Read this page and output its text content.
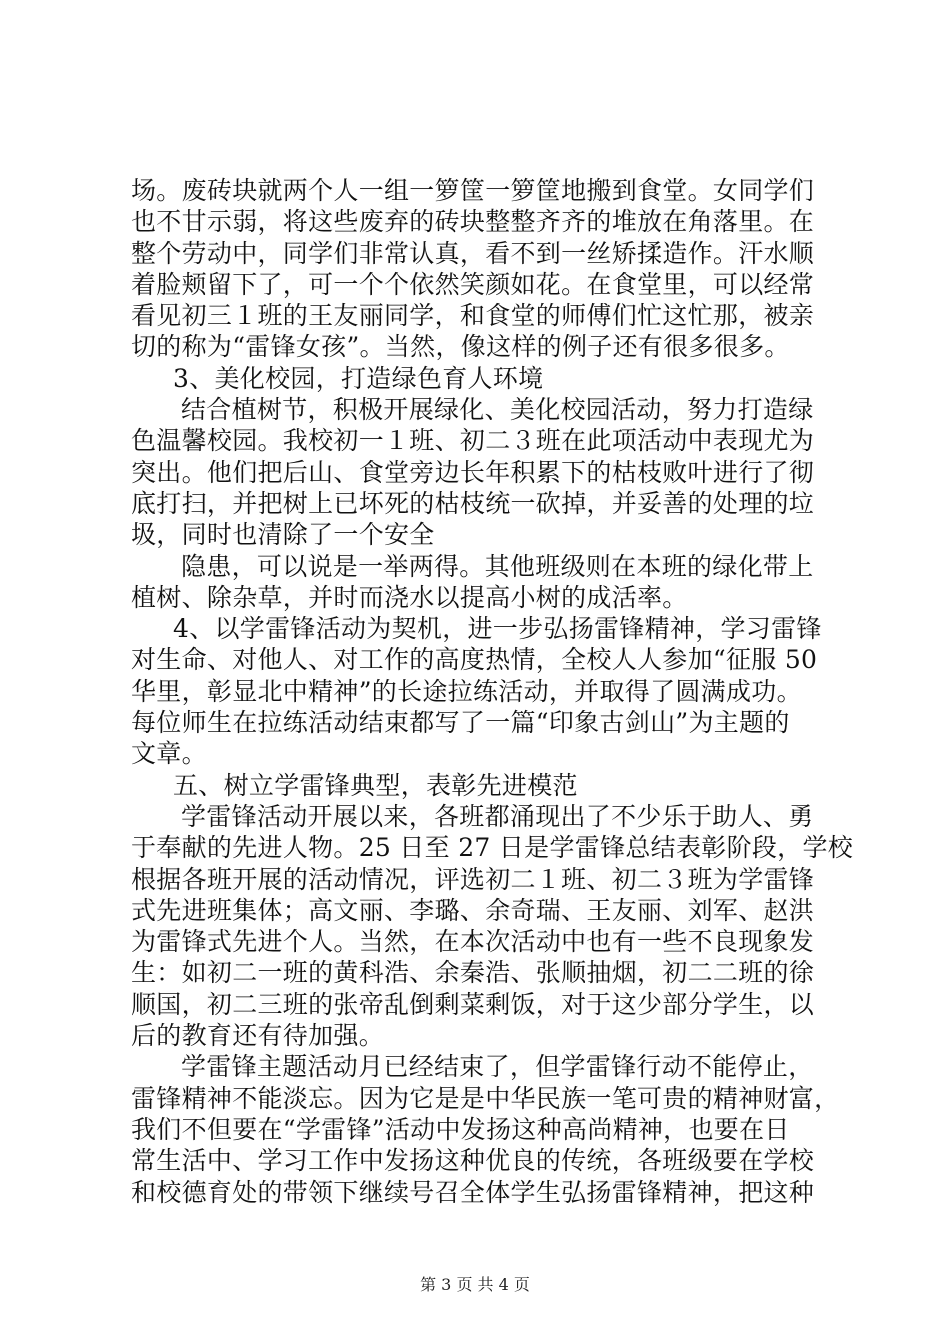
场。废砖块就两个人一组一箩筐一箩筐地搬到食堂。女同学们
也不甘示弱，将这些废弃的砖块整整齐齐的堆放在角落里。在
整个劳动中，同学们非常认真，看不到一丝矫揉造作。汗水顺
着脸颊留下了，可一个个依然笑颜如花。在食堂里，可以经常
看见初三１班的王友丽同学，和食堂的师傅们忙这忙那，被亲
切的称为“雷锋女孩”。当然，像这样的例子还有很多很多。
3、美化校园，打造绿色育人环境
结合植树节，积极开展绿化、美化校园活动，努力打造绿
色温馨校园。我校初一１班、初二３班在此项活动中表现尤为
突出。他们把后山、食堂旁边长年积累下的枯枝败叶进行了彻
底打扫，并把树上已坏死的枯枝统一砍掉，并妥善的处理的垃
圾，同时也清除了一个安全
隐患，可以说是一举两得。其他班级则在本班的绿化带上
植树、除杂草，并时而浇水以提高小树的成活率。
4、以学雷锋活动为契机，进一步弘扬雷锋精神，学习雷锋
对生命、对他人、对工作的高度热情，全校人人参加“征服 50
华里，彰显北中精神”的长途拉练活动，并取得了圆满成功。
每位师生在拉练活动结束都写了一篇“印象古剑山”为主题的
文章。
五、树立学雷锋典型，表彰先进模范
学雷锋活动开展以来，各班都涌现出了不少乐于助人、勇
于奉献的先进人物。25 日至 27 日是学雷锋总结表彰阶段，学校
根据各班开展的活动情况，评选初二１班、初二３班为学雷锋
式先进班集体；高文丽、李璐、余奇瑞、王友丽、刘军、赵洪
为雷锋式先进个人。当然，在本次活动中也有一些不良现象发
生：如初二一班的黄科浩、余秦浩、张顺抽烟，初二二班的徐
顺国，初二三班的张帝乱倒剩菜剩饭，对于这少部分学生，以
后的教育还有待加强。
学雷锋主题活动月已经结束了，但学雷锋行动不能停止，
雷锋精神不能淡忘。因为它是是中华民族一笔可贵的精神财富，
我们不但要在“学雷锋”活动中发扬这种高尚精神，也要在日
常生活中、学习工作中发扬这种优良的传统，各班级要在学校
和校德育处的带领下继续号召全体学生弘扬雷锋精神，把这种
第 3 页 共 4 页
